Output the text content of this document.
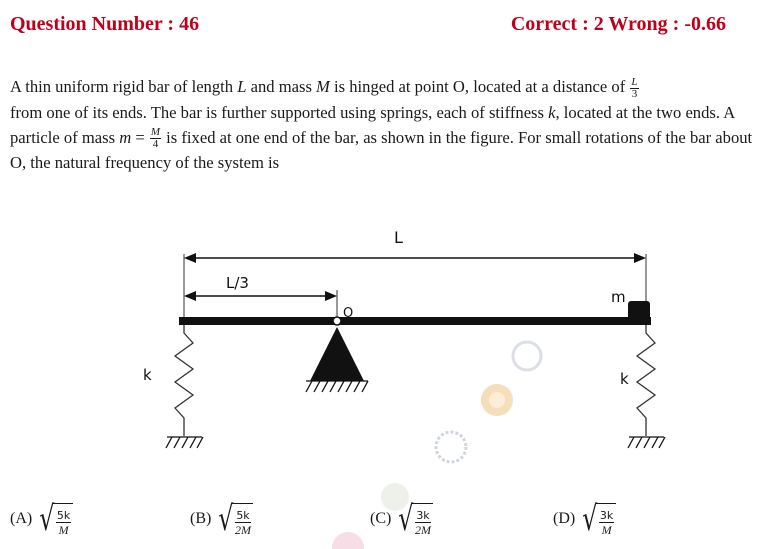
Question Number : 46	Correct : 2 Wrong : -0.66
A thin uniform rigid bar of length L and mass M is hinged at point O, located at a distance of $\frac{L}{3}$

from one of its ends. The bar is further supported using springs, each of stiffness k, located at the two ends. A particle of mass $m = \frac{M}{4}$ is fixed at one end of the bar, as shown in the figure. For small rotations of the bar about O, the natural frequency of the system is
L
L/3
m
O
k	k
(A) √ $\frac{5k}{M}$	(B) √ $\frac{5k}{2M}$	(C) √ $\frac{3k}{2M}$	(D) √ $\frac{3k}{M}$
